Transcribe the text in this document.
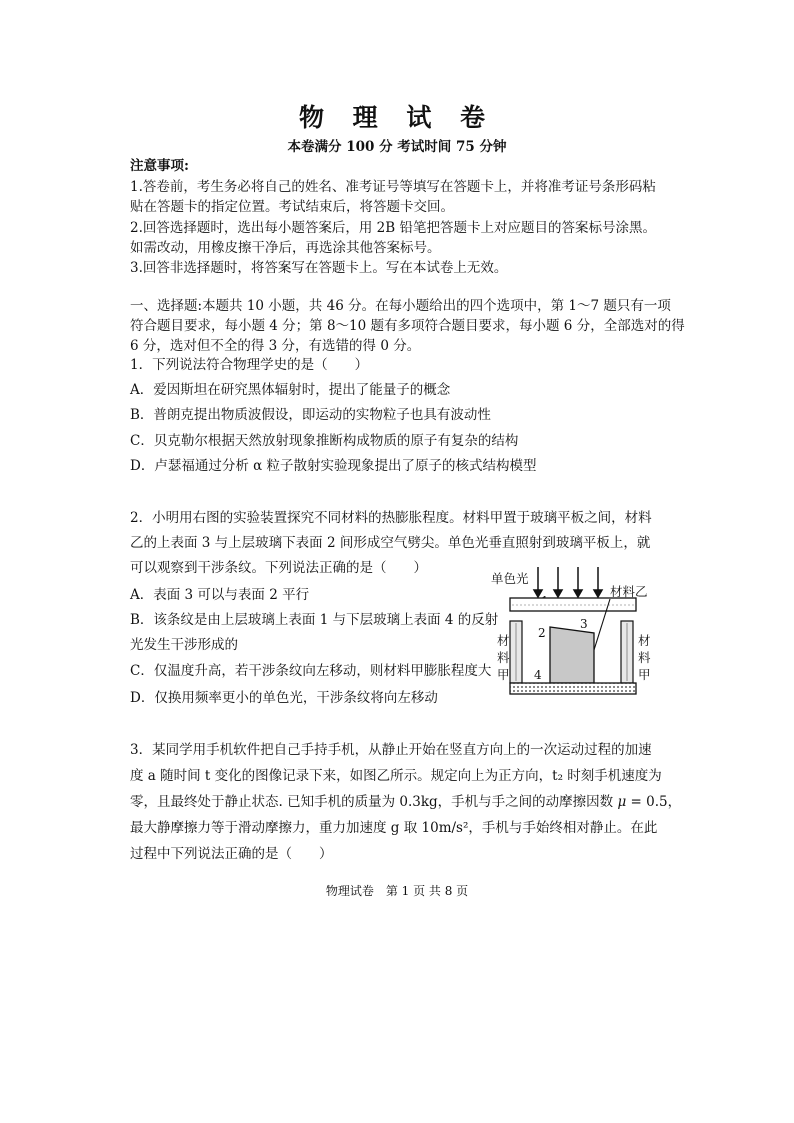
物 理 试 卷
本卷满分 100 分 考试时间 75 分钟
注意事项:
1.答卷前，考生务必将自己的姓名、准考证号等填写在答题卡上，并将准考证号条形码粘
贴在答题卡的指定位置。考试结束后，将答题卡交回。
2.回答选择题时，选出每小题答案后，用 2B 铅笔把答题卡上对应题目的答案标号涂黑。
如需改动，用橡皮擦干净后，再选涂其他答案标号。
3.回答非选择题时，将答案写在答题卡上。写在本试卷上无效。
一、选择题:本题共 10 小题，共 46 分。在每小题给出的四个选项中，第 1～7 题只有一项
符合题目要求，每小题 4 分；第 8～10 题有多项符合题目要求，每小题 6 分，全部选对的得
6 分，选对但不全的得 3 分，有选错的得 0 分。
1．下列说法符合物理学史的是（　　）
A．爱因斯坦在研究黑体辐射时，提出了能量子的概念
B．普朗克提出物质波假设，即运动的实物粒子也具有波动性
C．贝克勒尔根据天然放射现象推断构成物质的原子有复杂的结构
D．卢瑟福通过分析 α 粒子散射实验现象提出了原子的核式结构模型
2．小明用右图的实验装置探究不同材料的热膨胀程度。材料甲置于玻璃平板之间，材料
乙的上表面 3 与上层玻璃下表面 2 间形成空气劈尖。单色光垂直照射到玻璃平板上，就
可以观察到干涉条纹。下列说法正确的是（　　）
A．表面 3 可以与表面 2 平行
B．该条纹是由上层玻璃上表面 1 与下层玻璃上表面 4 的反射
光发生干涉形成的
C．仅温度升高，若干涉条纹向左移动，则材料甲膨胀程度大
D．仅换用频率更小的单色光，干涉条纹将向左移动
单色光
材料乙
2
3
4
材
料
甲
材
料
甲
3．某同学用手机软件把自己手持手机，从静止开始在竖直方向上的一次运动过程的加速
度 a 随时间 t 变化的图像记录下来，如图乙所示。规定向上为正方向，t₂ 时刻手机速度为
零，且最终处于静止状态. 已知手机的质量为 0.3kg，手机与手之间的动摩擦因数 μ = 0.5，
最大静摩擦力等于滑动摩擦力，重力加速度 g 取 10m/s²，手机与手始终相对静止。在此
过程中下列说法正确的是（　　）
物理试卷　第 1 页 共 8 页
